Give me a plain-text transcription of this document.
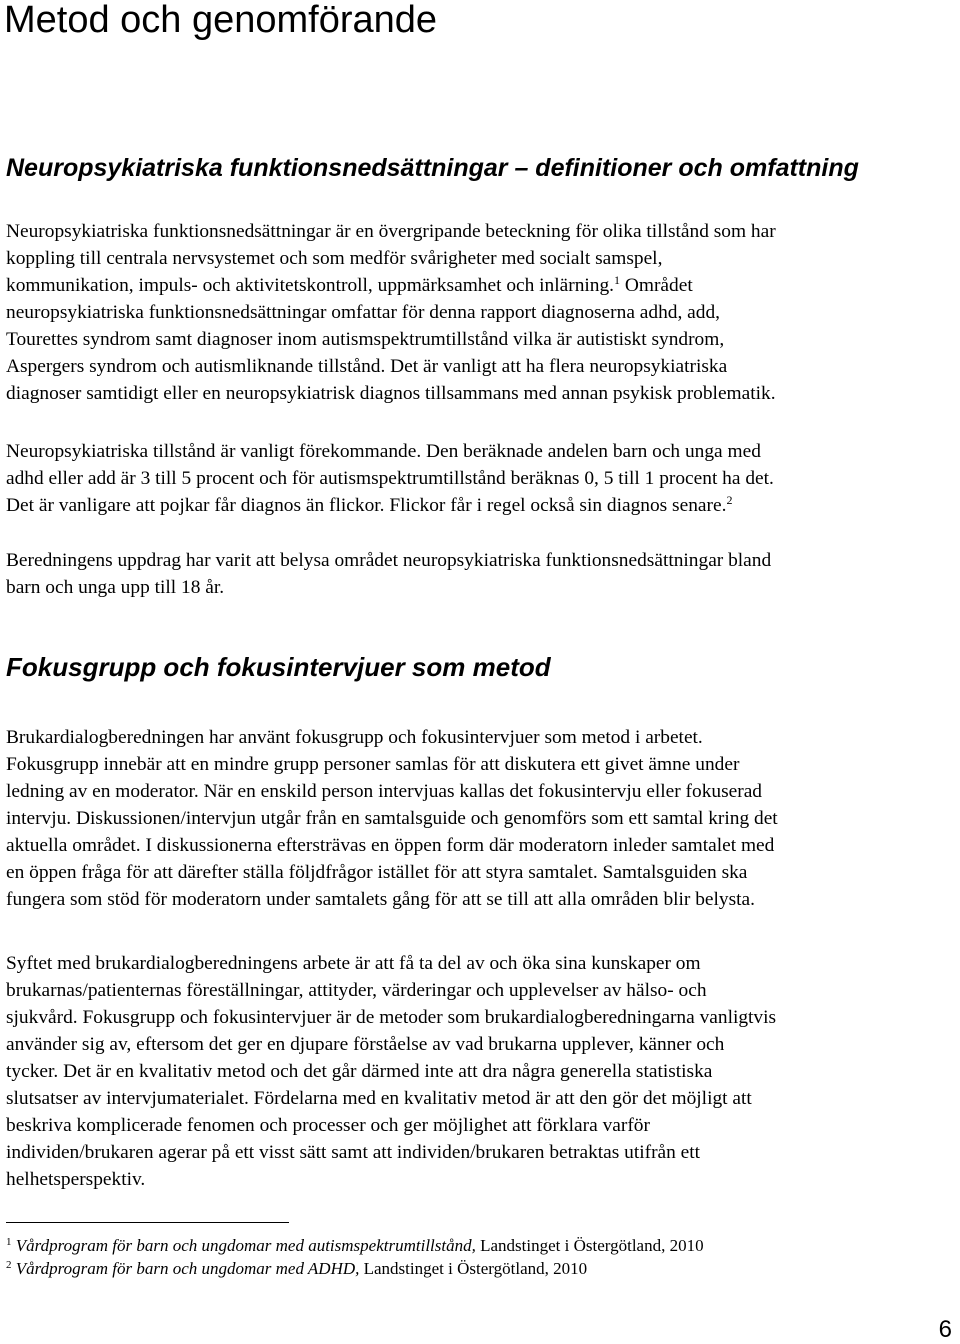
Metod och genomförande
Neuropsykiatriska funktionsnedsättningar – definitioner och omfattning
Neuropsykiatriska funktionsnedsättningar är en övergripande beteckning för olika tillstånd som har
koppling till centrala nervsystemet och som medför svårigheter med socialt samspel,
kommunikation, impuls- och aktivitetskontroll, uppmärksamhet och inlärning.$^1$ Området
neuropsykiatriska funktionsnedsättningar omfattar för denna rapport diagnoserna adhd, add,
Tourettes syndrom samt diagnoser inom autismspektrumtillstånd vilka är autistiskt syndrom,
Aspergers syndrom och autismliknande tillstånd. Det är vanligt att ha flera neuropsykiatriska
diagnoser samtidigt eller en neuropsykiatrisk diagnos tillsammans med annan psykisk problematik.
Neuropsykiatriska tillstånd är vanligt förekommande. Den beräknade andelen barn och unga med
adhd eller add är 3 till 5 procent och för autismspektrumtillstånd beräknas 0, 5 till 1 procent ha det.
Det är vanligare att pojkar får diagnos än flickor. Flickor får i regel också sin diagnos senare.$^2$
Beredningens uppdrag har varit att belysa området neuropsykiatriska funktionsnedsättningar bland
barn och unga upp till 18 år.
Fokusgrupp och fokusintervjuer som metod
Brukardialogberedningen har använt fokusgrupp och fokusintervjuer som metod i arbetet.
Fokusgrupp innebär att en mindre grupp personer samlas för att diskutera ett givet ämne under
ledning av en moderator. När en enskild person intervjuas kallas det fokusintervju eller fokuserad
intervju. Diskussionen/intervjun utgår från en samtalsguide och genomförs som ett samtal kring det
aktuella området. I diskussionerna eftersträvas en öppen form där moderatorn inleder samtalet med
en öppen fråga för att därefter ställa följdfrågor istället för att styra samtalet. Samtalsguiden ska
fungera som stöd för moderatorn under samtalets gång för att se till att alla områden blir belysta.
Syftet med brukardialogberedningens arbete är att få ta del av och öka sina kunskaper om
brukarnas/patienternas föreställningar, attityder, värderingar och upplevelser av hälso- och
sjukvård. Fokusgrupp och fokusintervjuer är de metoder som brukardialogberedningarna vanligtvis
använder sig av, eftersom det ger en djupare förståelse av vad brukarna upplever, känner och
tycker. Det är en kvalitativ metod och det går därmed inte att dra några generella statistiska
slutsatser av intervjumaterialet. Fördelarna med en kvalitativ metod är att den gör det möjligt att
beskriva komplicerade fenomen och processer och ger möjlighet att förklara varför
individen/brukaren agerar på ett visst sätt samt att individen/brukaren betraktas utifrån ett
helhetsperspektiv.
$^1$ Vårdprogram för barn och ungdomar med autismspektrumtillstånd, Landstinget i Östergötland, 2010
$^2$ Vårdprogram för barn och ungdomar med ADHD, Landstinget i Östergötland, 2010
6
